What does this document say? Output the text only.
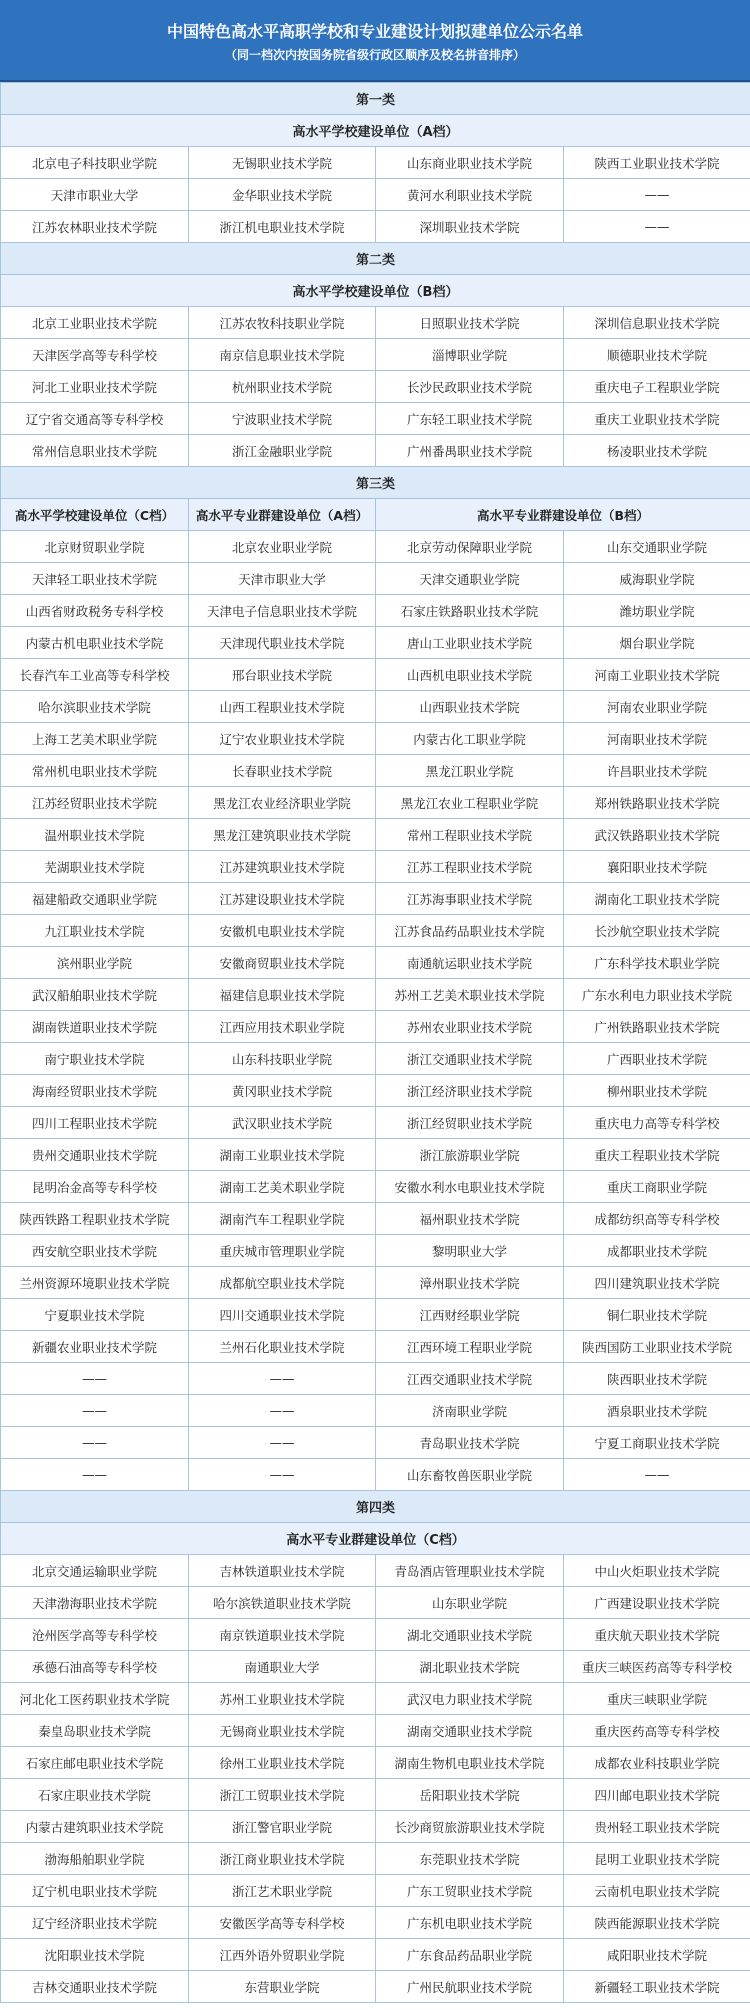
中国特色高水平高职学校和专业建设计划拟建单位公示名单
（同一档次内按国务院省级行政区顺序及校名拼音排序）
第一类			
高水平学校建设单位（A档）			
北京电子科技职业学院	无锡职业技术学院	山东商业职业技术学院	陕西工业职业技术学院
天津市职业大学	金华职业技术学院	黄河水利职业技术学院	——
江苏农林职业技术学院	浙江机电职业技术学院	深圳职业技术学院	——
第二类			
高水平学校建设单位（B档）			
北京工业职业技术学院	江苏农牧科技职业学院	日照职业技术学院	深圳信息职业技术学院
天津医学高等专科学校	南京信息职业技术学院	淄博职业学院	顺德职业技术学院
河北工业职业技术学院	杭州职业技术学院	长沙民政职业技术学院	重庆电子工程职业学院
辽宁省交通高等专科学校	宁波职业技术学院	广东轻工职业技术学院	重庆工业职业技术学院
常州信息职业技术学院	浙江金融职业学院	广州番禺职业技术学院	杨凌职业技术学院
第三类			
高水平学校建设单位（C档）	高水平专业群建设单位（A档）	高水平专业群建设单位（B档）	
北京财贸职业学院	北京农业职业学院	北京劳动保障职业学院	山东交通职业学院
天津轻工职业技术学院	天津市职业大学	天津交通职业学院	威海职业学院
山西省财政税务专科学校	天津电子信息职业技术学院	石家庄铁路职业技术学院	潍坊职业学院
内蒙古机电职业技术学院	天津现代职业技术学院	唐山工业职业技术学院	烟台职业学院
长春汽车工业高等专科学校	邢台职业技术学院	山西机电职业技术学院	河南工业职业技术学院
哈尔滨职业技术学院	山西工程职业技术学院	山西职业技术学院	河南农业职业学院
上海工艺美术职业学院	辽宁农业职业技术学院	内蒙古化工职业学院	河南职业技术学院
常州机电职业技术学院	长春职业技术学院	黑龙江职业学院	许昌职业技术学院
江苏经贸职业技术学院	黑龙江农业经济职业学院	黑龙江农业工程职业学院	郑州铁路职业技术学院
温州职业技术学院	黑龙江建筑职业技术学院	常州工程职业技术学院	武汉铁路职业技术学院
芜湖职业技术学院	江苏建筑职业技术学院	江苏工程职业技术学院	襄阳职业技术学院
福建船政交通职业学院	江苏建设职业技术学院	江苏海事职业技术学院	湖南化工职业技术学院
九江职业技术学院	安徽机电职业技术学院	江苏食品药品职业技术学院	长沙航空职业技术学院
滨州职业学院	安徽商贸职业技术学院	南通航运职业技术学院	广东科学技术职业学院
武汉船舶职业技术学院	福建信息职业技术学院	苏州工艺美术职业技术学院	广东水利电力职业技术学院
湖南铁道职业技术学院	江西应用技术职业学院	苏州农业职业技术学院	广州铁路职业技术学院
南宁职业技术学院	山东科技职业学院	浙江交通职业技术学院	广西职业技术学院
海南经贸职业技术学院	黄冈职业技术学院	浙江经济职业技术学院	柳州职业技术学院
四川工程职业技术学院	武汉职业技术学院	浙江经贸职业技术学院	重庆电力高等专科学校
贵州交通职业技术学院	湖南工业职业技术学院	浙江旅游职业学院	重庆工程职业技术学院
昆明冶金高等专科学校	湖南工艺美术职业学院	安徽水利水电职业技术学院	重庆工商职业学院
陕西铁路工程职业技术学院	湖南汽车工程职业学院	福州职业技术学院	成都纺织高等专科学校
西安航空职业技术学院	重庆城市管理职业学院	黎明职业大学	成都职业技术学院
兰州资源环境职业技术学院	成都航空职业技术学院	漳州职业技术学院	四川建筑职业技术学院
宁夏职业技术学院	四川交通职业技术学院	江西财经职业学院	铜仁职业技术学院
新疆农业职业技术学院	兰州石化职业技术学院	江西环境工程职业学院	陕西国防工业职业技术学院
——	——	江西交通职业技术学院	陕西职业技术学院
——	——	济南职业学院	酒泉职业技术学院
——	——	青岛职业技术学院	宁夏工商职业技术学院
——	——	山东畜牧兽医职业学院	——
第四类			
高水平专业群建设单位（C档）			
北京交通运输职业学院	吉林铁道职业技术学院	青岛酒店管理职业技术学院	中山火炬职业技术学院
天津渤海职业技术学院	哈尔滨铁道职业技术学院	山东职业学院	广西建设职业技术学院
沧州医学高等专科学校	南京铁道职业技术学院	湖北交通职业技术学院	重庆航天职业技术学院
承德石油高等专科学校	南通职业大学	湖北职业技术学院	重庆三峡医药高等专科学校
河北化工医药职业技术学院	苏州工业职业技术学院	武汉电力职业技术学院	重庆三峡职业学院
秦皇岛职业技术学院	无锡商业职业技术学院	湖南交通职业技术学院	重庆医药高等专科学校
石家庄邮电职业技术学院	徐州工业职业技术学院	湖南生物机电职业技术学院	成都农业科技职业学院
石家庄职业技术学院	浙江工贸职业技术学院	岳阳职业技术学院	四川邮电职业技术学院
内蒙古建筑职业技术学院	浙江警官职业学院	长沙商贸旅游职业技术学院	贵州轻工职业技术学院
渤海船舶职业学院	浙江商业职业技术学院	东莞职业技术学院	昆明工业职业技术学院
辽宁机电职业技术学院	浙江艺术职业学院	广东工贸职业技术学院	云南机电职业技术学院
辽宁经济职业技术学院	安徽医学高等专科学校	广东机电职业技术学院	陕西能源职业技术学院
沈阳职业技术学院	江西外语外贸职业学院	广东食品药品职业学院	咸阳职业技术学院
吉林交通职业技术学院	东营职业学院	广州民航职业技术学院	新疆轻工职业技术学院
